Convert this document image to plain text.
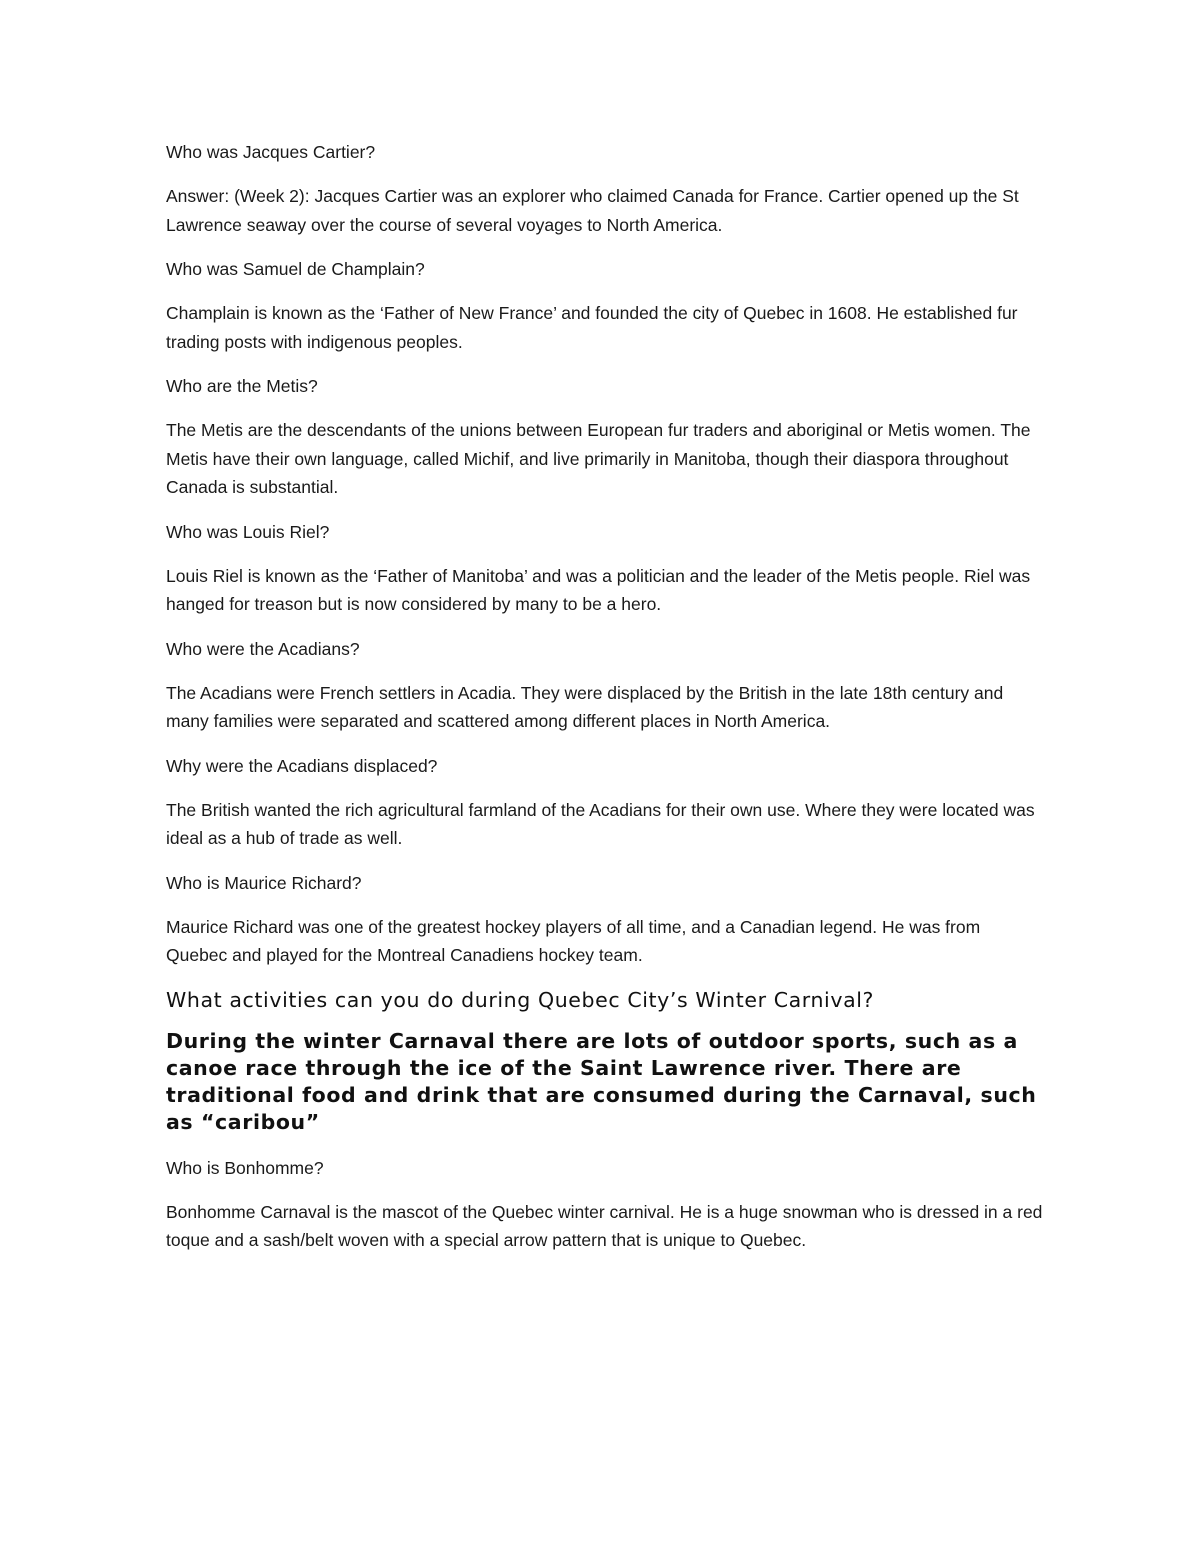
Who was Jacques Cartier?

Answer: (Week 2): Jacques Cartier was an explorer who claimed Canada for France. Cartier opened up the St Lawrence seaway over the course of several voyages to North America.

Who was Samuel de Champlain?

Champlain is known as the ‘Father of New France’ and founded the city of Quebec in 1608. He established fur trading posts with indigenous peoples.

Who are the Metis?

The Metis are the descendants of the unions between European fur traders and aboriginal or Metis women. The Metis have their own language, called Michif, and live primarily in Manitoba, though their diaspora throughout Canada is substantial.

Who was Louis Riel?

Louis Riel is known as the ‘Father of Manitoba’ and was a politician and the leader of the Metis people. Riel was hanged for treason but is now considered by many to be a hero.

Who were the Acadians?

The Acadians were French settlers in Acadia. They were displaced by the British in the late 18th century and many families were separated and scattered among different places in North America.

Why were the Acadians displaced?

The British wanted the rich agricultural farmland of the Acadians for their own use. Where they were located was ideal as a hub of trade as well.

Who is Maurice Richard?

Maurice Richard was one of the greatest hockey players of all time, and a Canadian legend. He was from Quebec and played for the Montreal Canadiens hockey team.

What activities can you do during Quebec City’s Winter Carnival?

During the winter Carnaval there are lots of outdoor sports, such as a canoe race through the ice of the Saint Lawrence river. There are traditional food and drink that are consumed during the Carnaval, such as “caribou”

Who is Bonhomme?

Bonhomme Carnaval is the mascot of the Quebec winter carnival. He is a huge snowman who is dressed in a red toque and a sash/belt woven with a special arrow pattern that is unique to Quebec.
